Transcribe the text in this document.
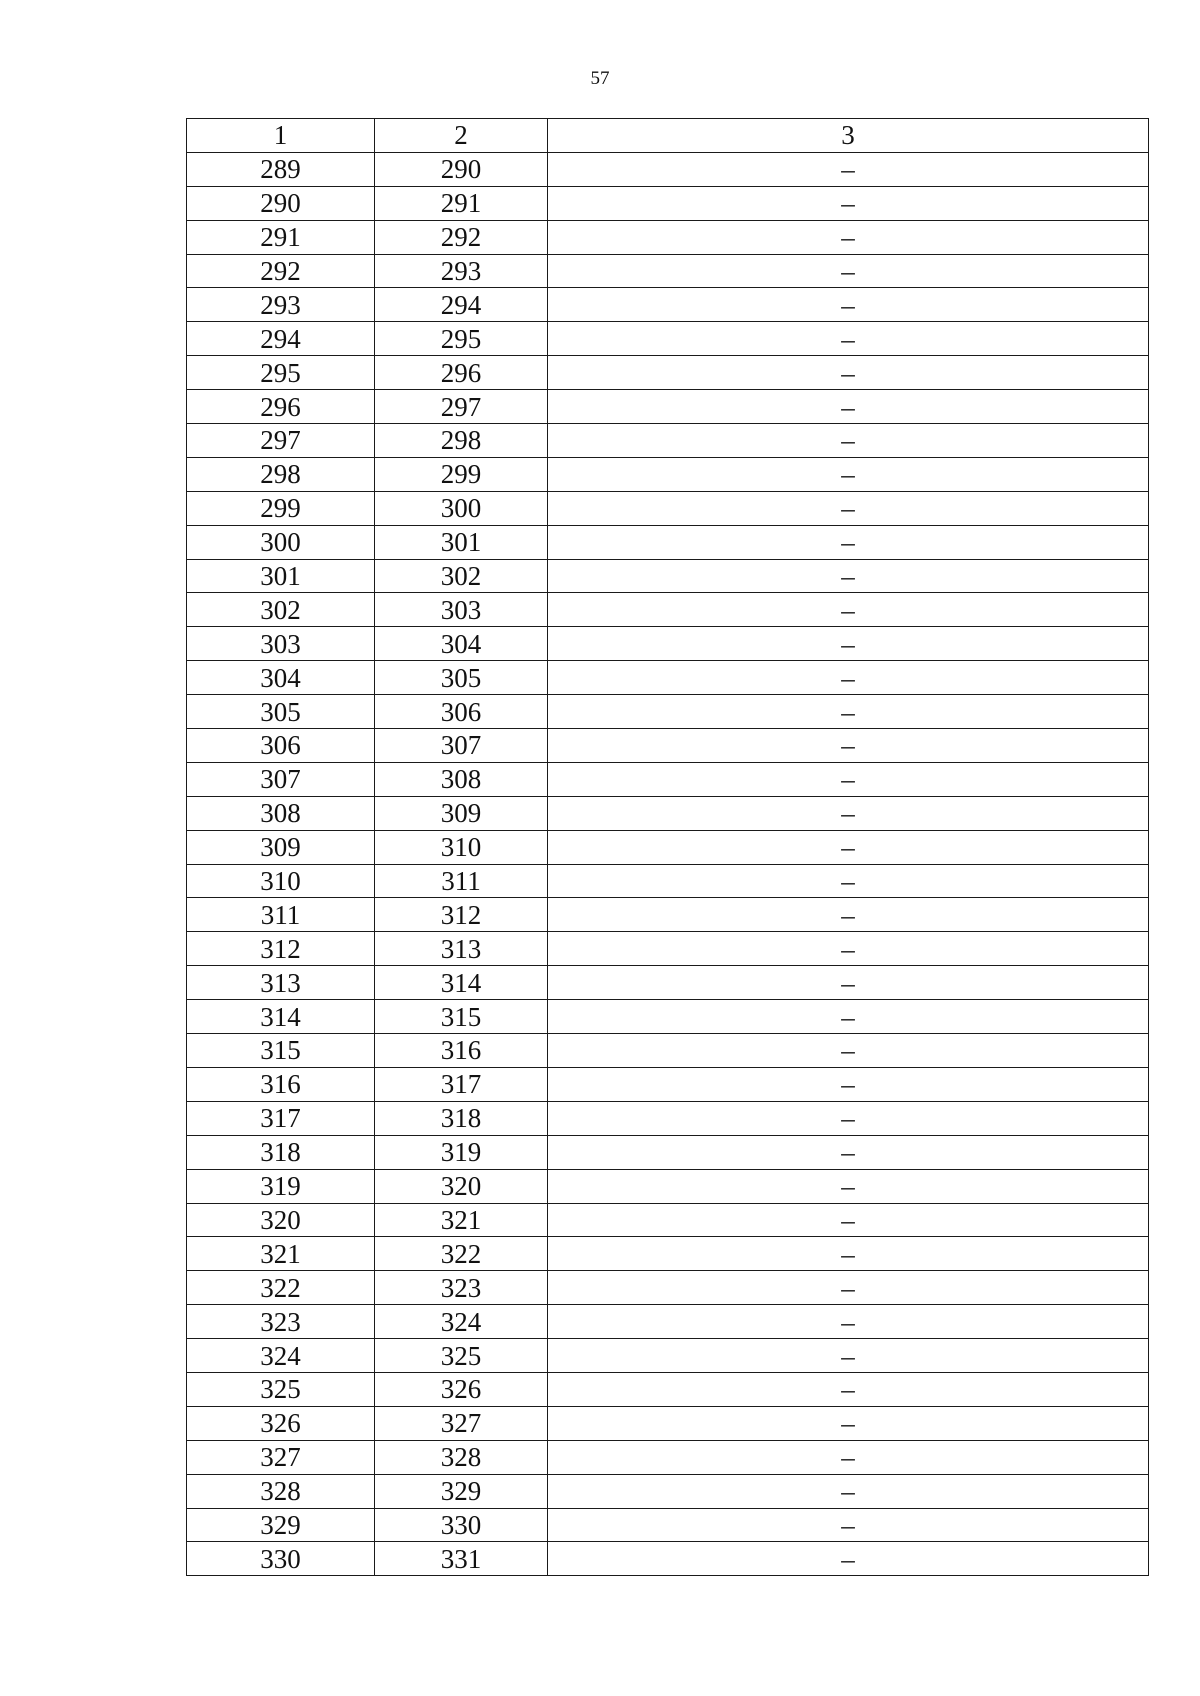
57
1	2	3
289	290	–
290	291	–
291	292	–
292	293	–
293	294	–
294	295	–
295	296	–
296	297	–
297	298	–
298	299	–
299	300	–
300	301	–
301	302	–
302	303	–
303	304	–
304	305	–
305	306	–
306	307	–
307	308	–
308	309	–
309	310	–
310	311	–
311	312	–
312	313	–
313	314	–
314	315	–
315	316	–
316	317	–
317	318	–
318	319	–
319	320	–
320	321	–
321	322	–
322	323	–
323	324	–
324	325	–
325	326	–
326	327	–
327	328	–
328	329	–
329	330	–
330	331	–
